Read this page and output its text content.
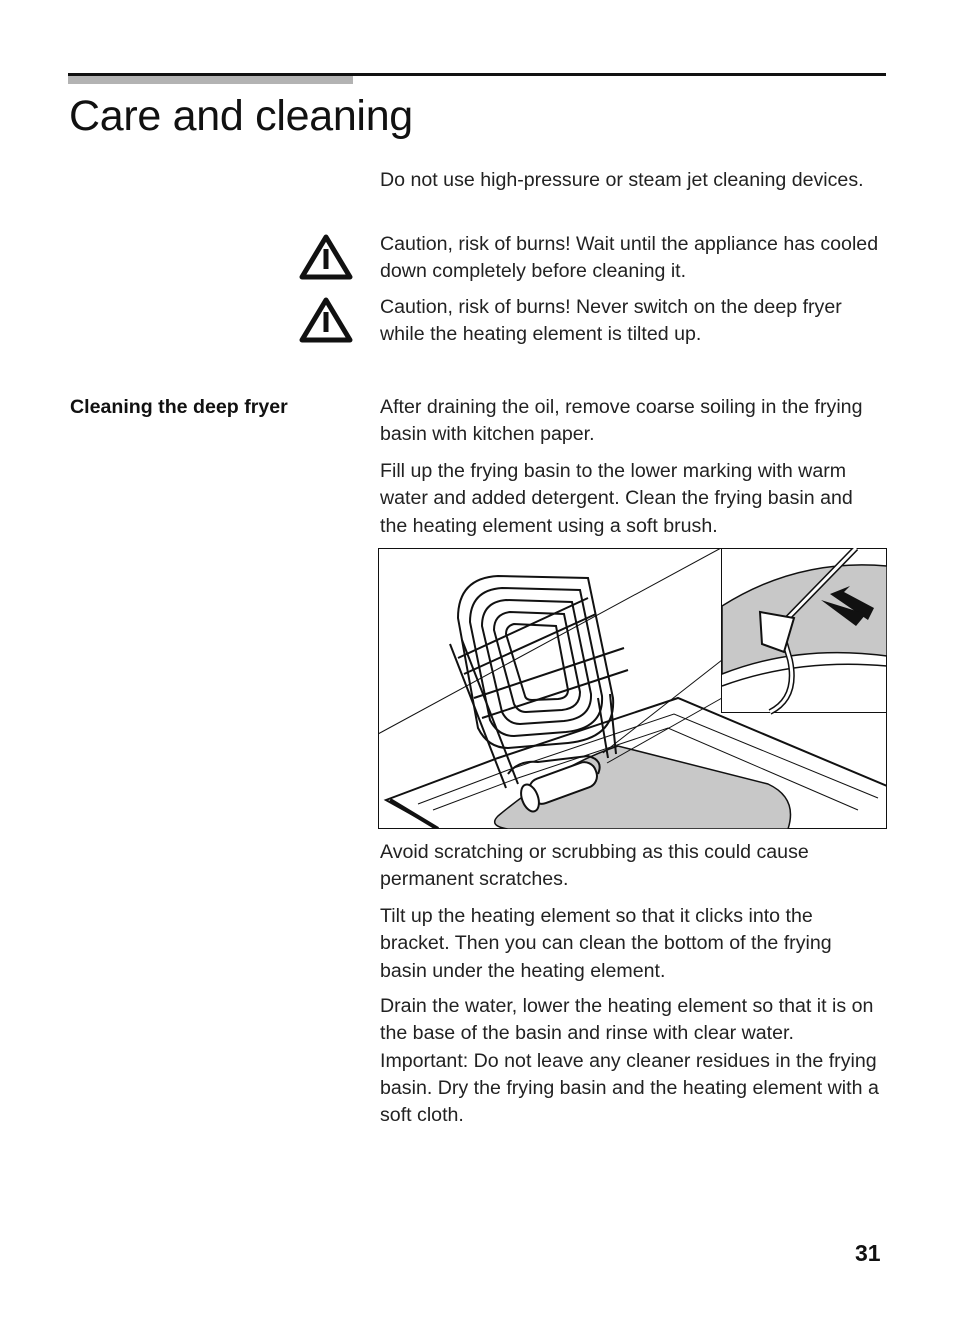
Care and cleaning

Do not use high-pressure or steam jet cleaning devices.

Caution, risk of burns! Wait until the appliance has cooled down completely before cleaning it.

Caution, risk of burns! Never switch on the deep fryer while the heating element is tilted up.

Cleaning the deep fryer	After draining the oil, remove coarse soiling in the frying basin with kitchen paper.

Fill up the frying basin to the lower marking with warm water and added detergent. Clean the frying basin and the heating element using a soft brush.

Avoid scratching or scrubbing as this could cause permanent scratches.

Tilt up the heating element so that it clicks into the bracket. Then you can clean the bottom of the frying basin under the heating element.

Drain the water, lower the heating element so that it is on the base of the basin and rinse with clear water. Important: Do not leave any cleaner residues in the frying basin. Dry the frying basin and the heating element with a soft cloth.

31
